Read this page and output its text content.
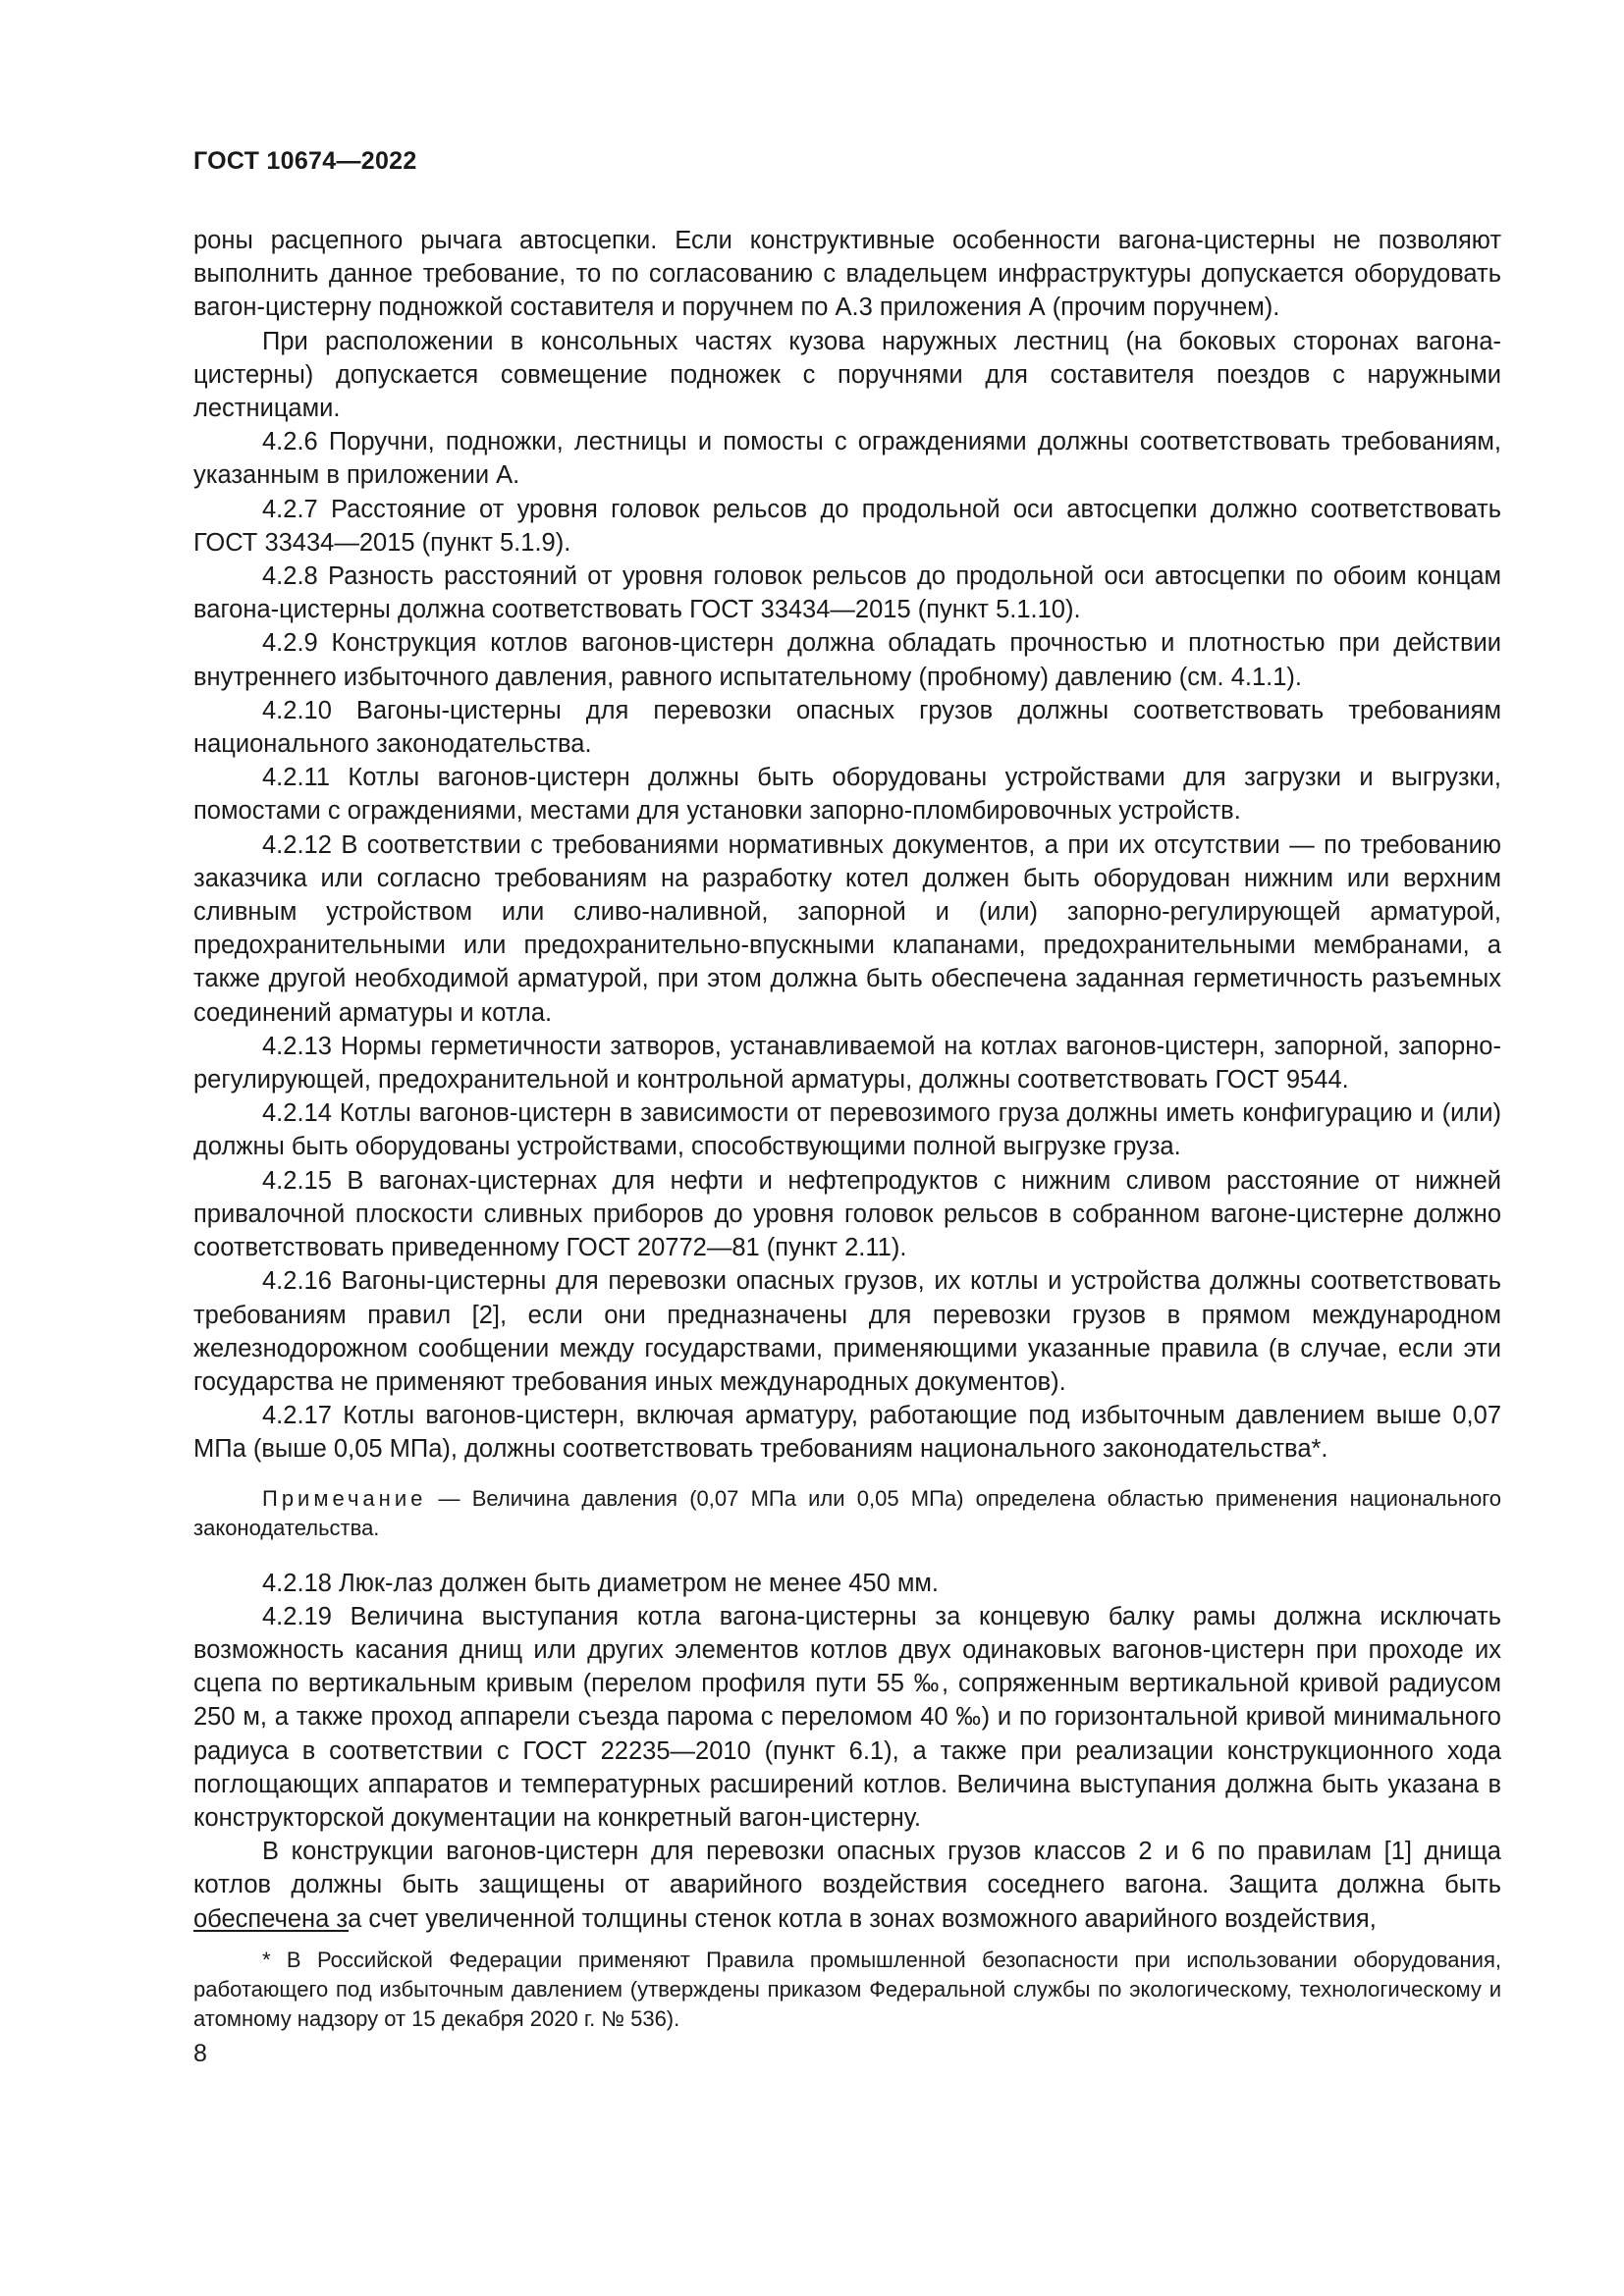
ГОСТ 10674—2022

роны расцепного рычага автосцепки. Если конструктивные особенности вагона-цистерны не позволяют выполнить данное требование, то по согласованию с владельцем инфраструктуры допускается оборудовать вагон-цистерну подножкой составителя и поручнем по А.3 приложения А (прочим поручнем).

При расположении в консольных частях кузова наружных лестниц (на боковых сторонах вагона-цистерны) допускается совмещение подножек с поручнями для составителя поездов с наружными лестницами.

4.2.6 Поручни, подножки, лестницы и помосты с ограждениями должны соответствовать требованиям, указанным в приложении А.

4.2.7 Расстояние от уровня головок рельсов до продольной оси автосцепки должно соответствовать ГОСТ 33434—2015 (пункт 5.1.9).

4.2.8 Разность расстояний от уровня головок рельсов до продольной оси автосцепки по обоим концам вагона-цистерны должна соответствовать ГОСТ 33434—2015 (пункт 5.1.10).

4.2.9 Конструкция котлов вагонов-цистерн должна обладать прочностью и плотностью при действии внутреннего избыточного давления, равного испытательному (пробному) давлению (см. 4.1.1).

4.2.10 Вагоны-цистерны для перевозки опасных грузов должны соответствовать требованиям национального законодательства.

4.2.11 Котлы вагонов-цистерн должны быть оборудованы устройствами для загрузки и выгрузки, помостами с ограждениями, местами для установки запорно-пломбировочных устройств.

4.2.12 В соответствии с требованиями нормативных документов, а при их отсутствии — по требованию заказчика или согласно требованиям на разработку котел должен быть оборудован нижним или верхним сливным устройством или сливо-наливной, запорной и (или) запорно-регулирующей арматурой, предохранительными или предохранительно-впускными клапанами, предохранительными мембранами, а также другой необходимой арматурой, при этом должна быть обеспечена заданная герметичность разъемных соединений арматуры и котла.

4.2.13 Нормы герметичности затворов, устанавливаемой на котлах вагонов-цистерн, запорной, запорно-регулирующей, предохранительной и контрольной арматуры, должны соответствовать ГОСТ 9544.

4.2.14 Котлы вагонов-цистерн в зависимости от перевозимого груза должны иметь конфигурацию и (или) должны быть оборудованы устройствами, способствующими полной выгрузке груза.

4.2.15 В вагонах-цистернах для нефти и нефтепродуктов с нижним сливом расстояние от нижней привалочной плоскости сливных приборов до уровня головок рельсов в собранном вагоне-цистерне должно соответствовать приведенному ГОСТ 20772—81 (пункт 2.11).

4.2.16 Вагоны-цистерны для перевозки опасных грузов, их котлы и устройства должны соответствовать требованиям правил [2], если они предназначены для перевозки грузов в прямом международном железнодорожном сообщении между государствами, применяющими указанные правила (в случае, если эти государства не применяют требования иных международных документов).

4.2.17 Котлы вагонов-цистерн, включая арматуру, работающие под избыточным давлением выше 0,07 МПа (выше 0,05 МПа), должны соответствовать требованиям национального законодательства*.

Примечание — Величина давления (0,07 МПа или 0,05 МПа) определена областью применения национального законодательства.

4.2.18 Люк-лаз должен быть диаметром не менее 450 мм.

4.2.19 Величина выступания котла вагона-цистерны за концевую балку рамы должна исключать возможность касания днищ или других элементов котлов двух одинаковых вагонов-цистерн при проходе их сцепа по вертикальным кривым (перелом профиля пути 55 ‰, сопряженным вертикальной кривой радиусом 250 м, а также проход аппарели съезда парома с переломом 40 ‰) и по горизонтальной кривой минимального радиуса в соответствии с ГОСТ 22235—2010 (пункт 6.1), а также при реализации конструкционного хода поглощающих аппаратов и температурных расширений котлов. Величина выступания должна быть указана в конструкторской документации на конкретный вагон-цистерну.

В конструкции вагонов-цистерн для перевозки опасных грузов классов 2 и 6 по правилам [1] днища котлов должны быть защищены от аварийного воздействия соседнего вагона. Защита должна быть обеспечена за счет увеличенной толщины стенок котла в зонах возможного аварийного воздействия,

* В Российской Федерации применяют Правила промышленной безопасности при использовании оборудования, работающего под избыточным давлением (утверждены приказом Федеральной службы по экологическому, технологическому и атомному надзору от 15 декабря 2020 г. № 536).
8
